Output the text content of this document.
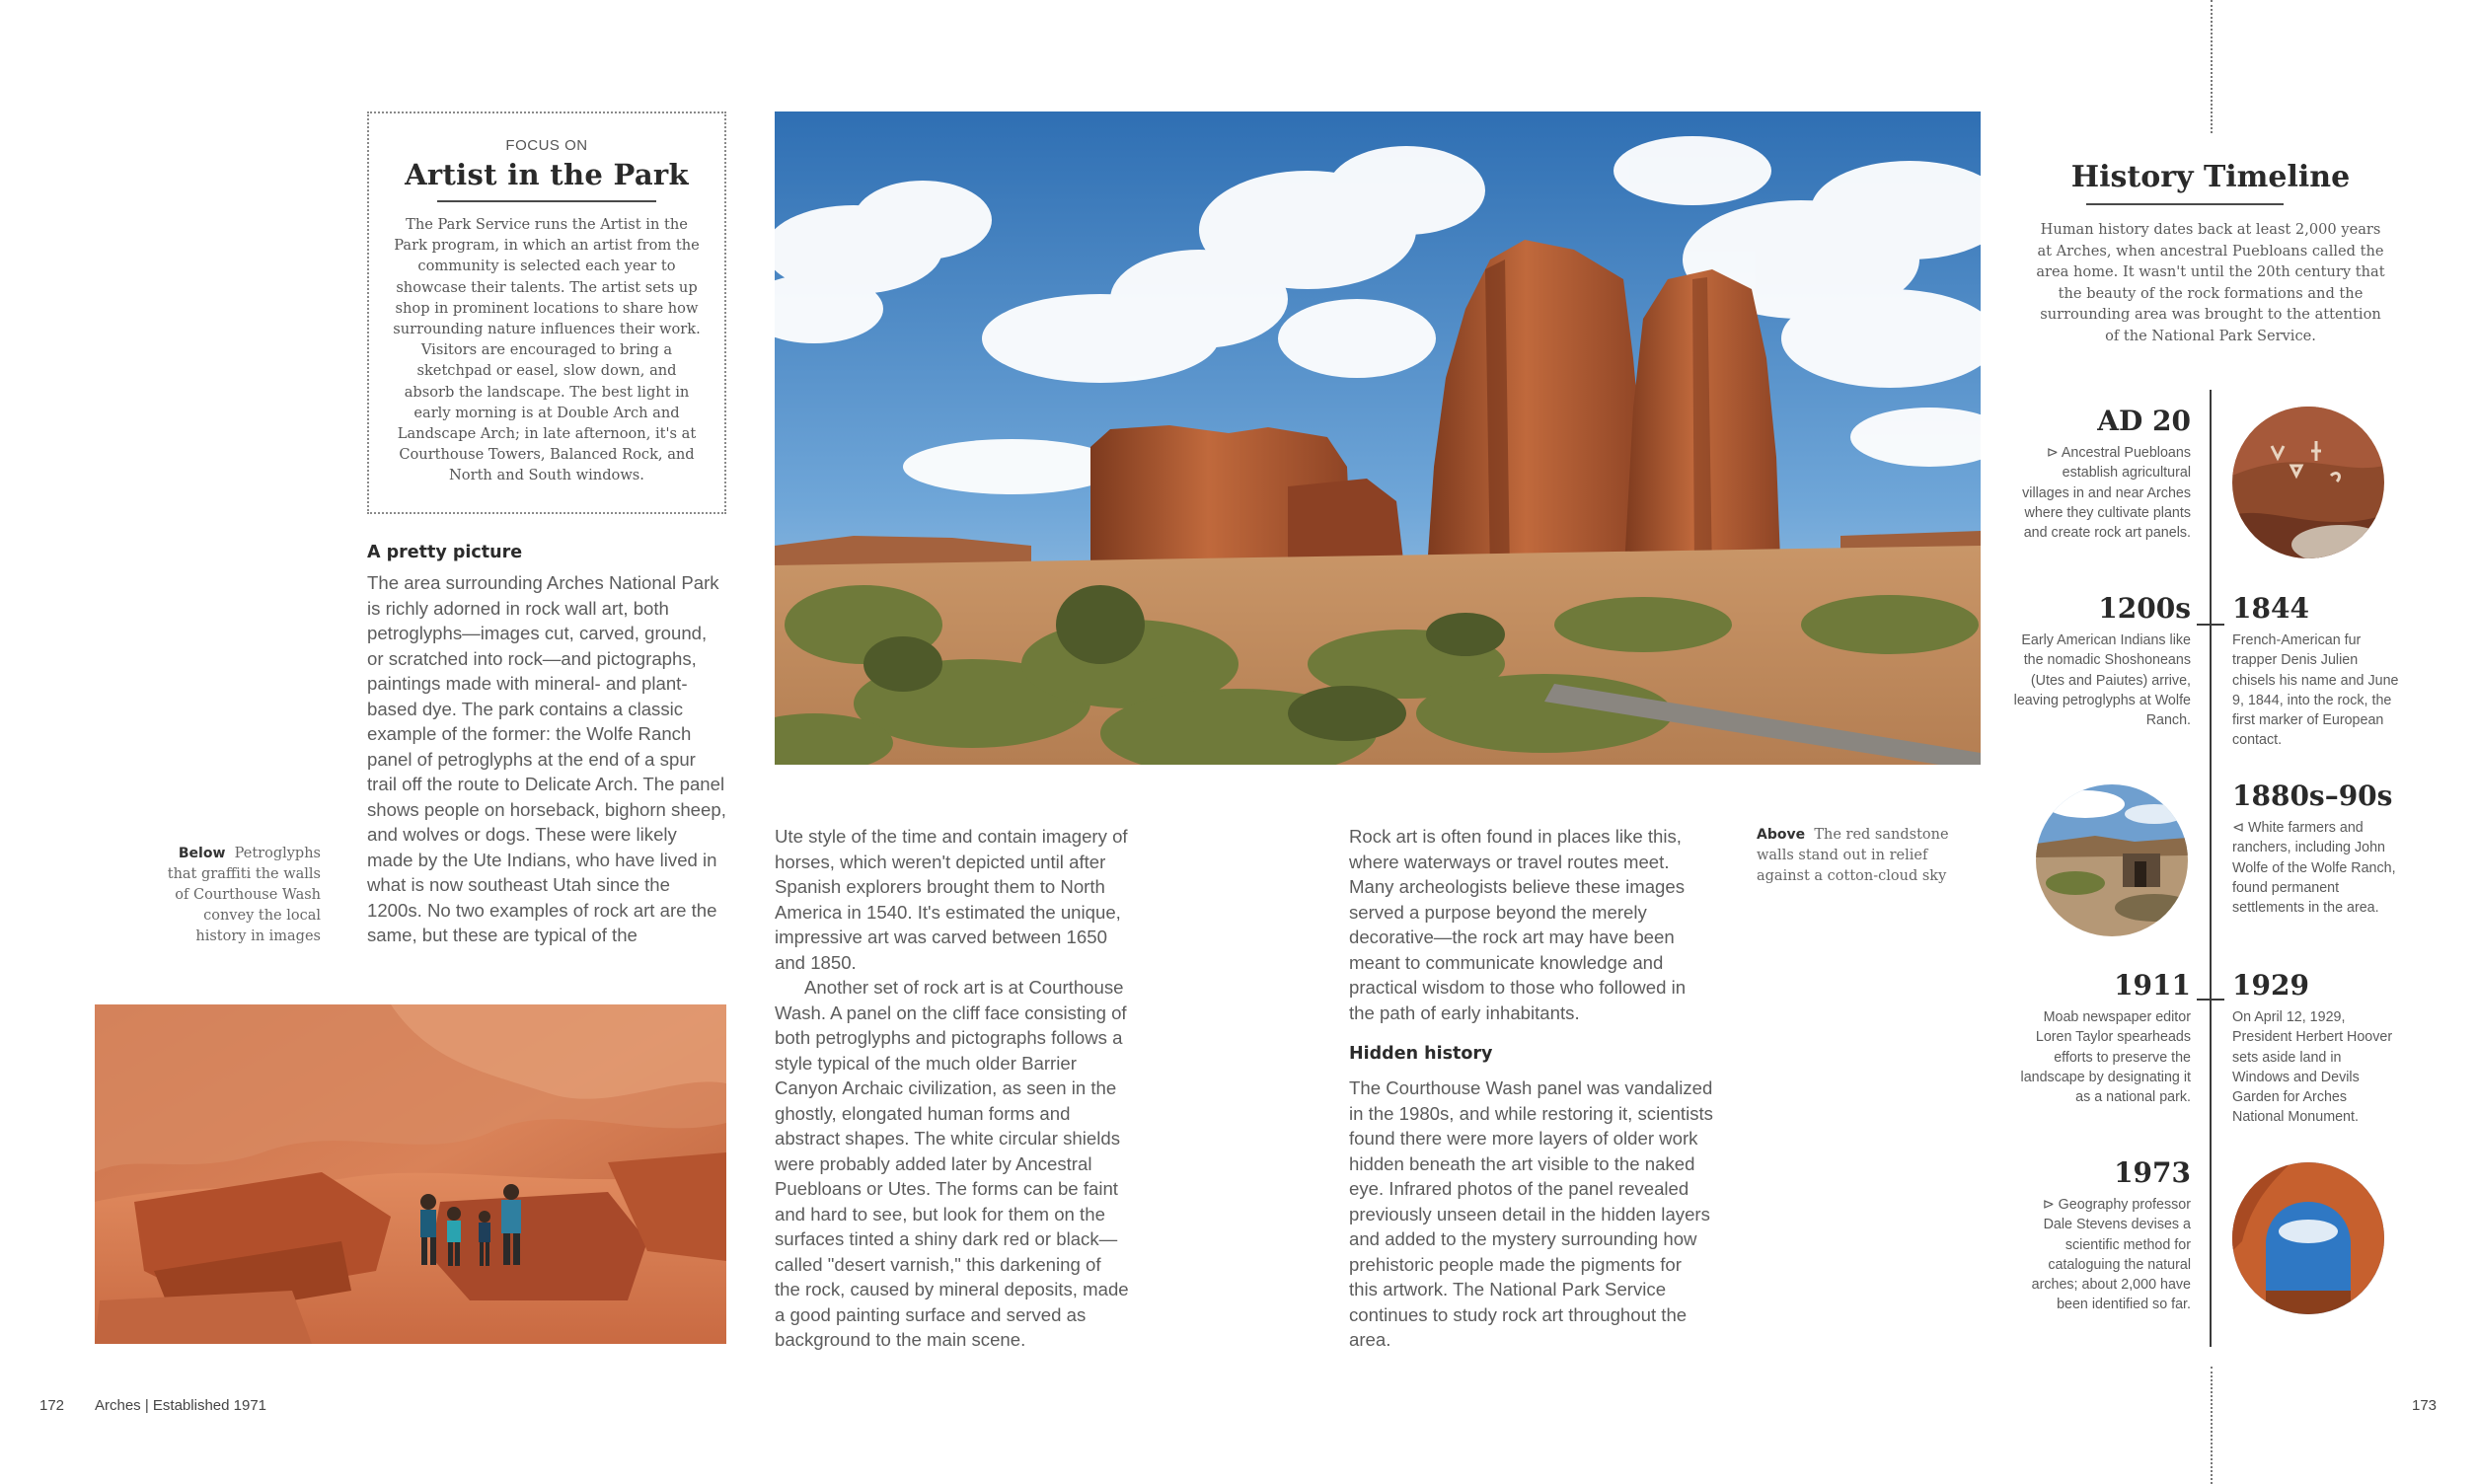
FOCUS ON
Artist in the Park
The Park Service runs the Artist in the Park program, in which an artist from the community is selected each year to showcase their talents. The artist sets up shop in prominent locations to share how surrounding nature influences their work. Visitors are encouraged to bring a sketchpad or easel, slow down, and absorb the landscape. The best light in early morning is at Double Arch and Landscape Arch; in late afternoon, it's at Courthouse Towers, Balanced Rock, and North and South windows.
A pretty picture
The area surrounding Arches National Park is richly adorned in rock wall art, both petroglyphs—images cut, carved, ground, or scratched into rock—and pictographs, paintings made with mineral- and plant-based dye. The park contains a classic example of the former: the Wolfe Ranch panel of petroglyphs at the end of a spur trail off the route to Delicate Arch. The panel shows people on horseback, bighorn sheep, and wolves or dogs. These were likely made by the Ute Indians, who have lived in what is now southeast Utah since the 1200s. No two examples of rock art are the same, but these are typical of the
Below Petroglyphs that graffiti the walls of Courthouse Wash convey the local history in images
Ute style of the time and contain imagery of horses, which weren't depicted until after Spanish explorers brought them to North America in 1540. It's estimated the unique, impressive art was carved between 1650 and 1850.
Another set of rock art is at Courthouse Wash. A panel on the cliff face consisting of both petroglyphs and pictographs follows a style typical of the much older Barrier Canyon Archaic civilization, as seen in the ghostly, elongated human forms and abstract shapes. The white circular shields were probably added later by Ancestral Puebloans or Utes. The forms can be faint and hard to see, but look for them on the surfaces tinted a shiny dark red or black—called "desert varnish," this darkening of the rock, caused by mineral deposits, made a good painting surface and served as background to the main scene.
Rock art is often found in places like this, where waterways or travel routes meet. Many archeologists believe these images served a purpose beyond the merely decorative—the rock art may have been meant to communicate knowledge and practical wisdom to those who followed in the path of early inhabitants.
Hidden history
The Courthouse Wash panel was vandalized in the 1980s, and while restoring it, scientists found there were more layers of older work hidden beneath the art visible to the naked eye. Infrared photos of the panel revealed previously unseen detail in the hidden layers and added to the mystery surrounding how prehistoric people made the pigments for this artwork. The National Park Service continues to study rock art throughout the area.
Above The red sandstone walls stand out in relief against a cotton-cloud sky
History Timeline
Human history dates back at least 2,000 years at Arches, when ancestral Puebloans called the area home. It wasn't until the 20th century that the beauty of the rock formations and the surrounding area was brought to the attention of the National Park Service.
AD 20
⊳ Ancestral Puebloans establish agricultural villages in and near Arches where they cultivate plants and create rock art panels.
1200s
Early American Indians like the nomadic Shoshoneans (Utes and Paiutes) arrive, leaving petroglyphs at Wolfe Ranch.
1844
French-American fur trapper Denis Julien chisels his name and June 9, 1844, into the rock, the first marker of European contact.
1880s–90s
⊲ White farmers and ranchers, including John Wolfe of the Wolfe Ranch, found permanent settlements in the area.
1911
Moab newspaper editor Loren Taylor spearheads efforts to preserve the landscape by designating it as a national park.
1929
On April 12, 1929, President Herbert Hoover sets aside land in Windows and Devils Garden for Arches National Monument.
1973
⊳ Geography professor Dale Stevens devises a scientific method for cataloguing the natural arches; about 2,000 have been identified so far.
172 Arches | Established 1971	173
